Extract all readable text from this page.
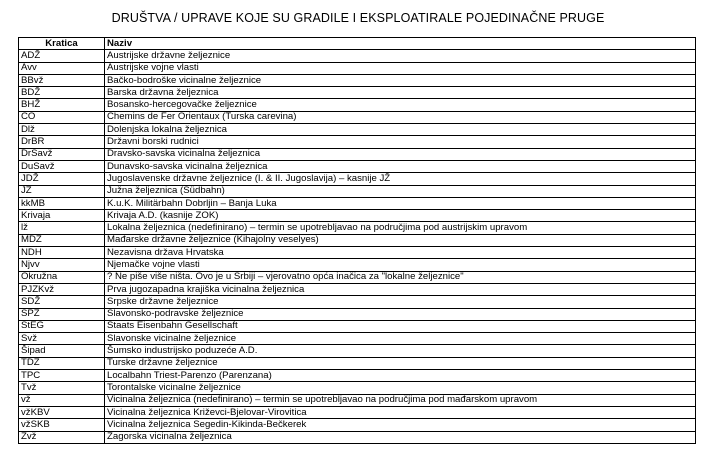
DRUŠTVA / UPRAVE KOJE SU GRADILE I EKSPLOATIRALE POJEDINAČNE PRUGE
Kratica	Naziv
ADŽ	Austrijske državne željeznice
Avv	Austrijske vojne vlasti
BBvž	Bačko-bodroške vicinalne željeznice
BDŽ	Barska državna željeznica
BHŽ	Bosansko-hercegovačke željeznice
CO	Chemins de Fer Orientaux (Turska carevina)
Dlž	Dolenjska lokalna željeznica
DrBR	Državni borski rudnici
DrSavž	Dravsko-savska vicinalna željeznica
DuSavž	Dunavsko-savska vicinalna željeznica
JDŽ	Jugoslavenske državne željeznice (I. & II. Jugoslavija) – kasnije JŽ
JŽ	Južna željeznica (Südbahn)
kkMB	K.u.K. Militärbahn Dobrljin – Banja Luka
Krivaja	Krivaja A.D. (kasnije ZOK)
lž	Lokalna željeznica (nedefinirano) – termin se upotrebljavao na područjima pod austrijskim upravom
MDŽ	Mađarske državne željeznice (Kihajolny veselyes)
NDH	Nezavisna država Hrvatska
Njvv	Njemačke vojne vlasti
Okružna	? Ne piše više ništa. Ovo je u Srbiji – vjerovatno opća inačica za "lokalne željeznice"
PJZKvž	Prva jugozapadna krajiška vicinalna željeznica
SDŽ	Srpske državne željeznice
SPŽ	Slavonsko-podravske željeznice
StEG	Staats Eisenbahn Gesellschaft
Svž	Slavonske vicinalne željeznice
Šipad	Šumsko industrijsko poduzeće A.D.
TDŽ	Turske državne željeznice
TPC	Localbahn Triest-Parenzo (Parenzana)
Tvž	Torontalske vicinalne željeznice
vž	Vicinalna željeznica (nedefinirano) – termin se upotrebljavao na područjima pod mađarskom upravom
vžKBV	Vicinalna željeznica Križevci-Bjelovar-Virovitica
vžSKB	Vicinalna željeznica Segedin-Kikinda-Bečkerek
Zvž	Zagorska vicinalna željeznica
